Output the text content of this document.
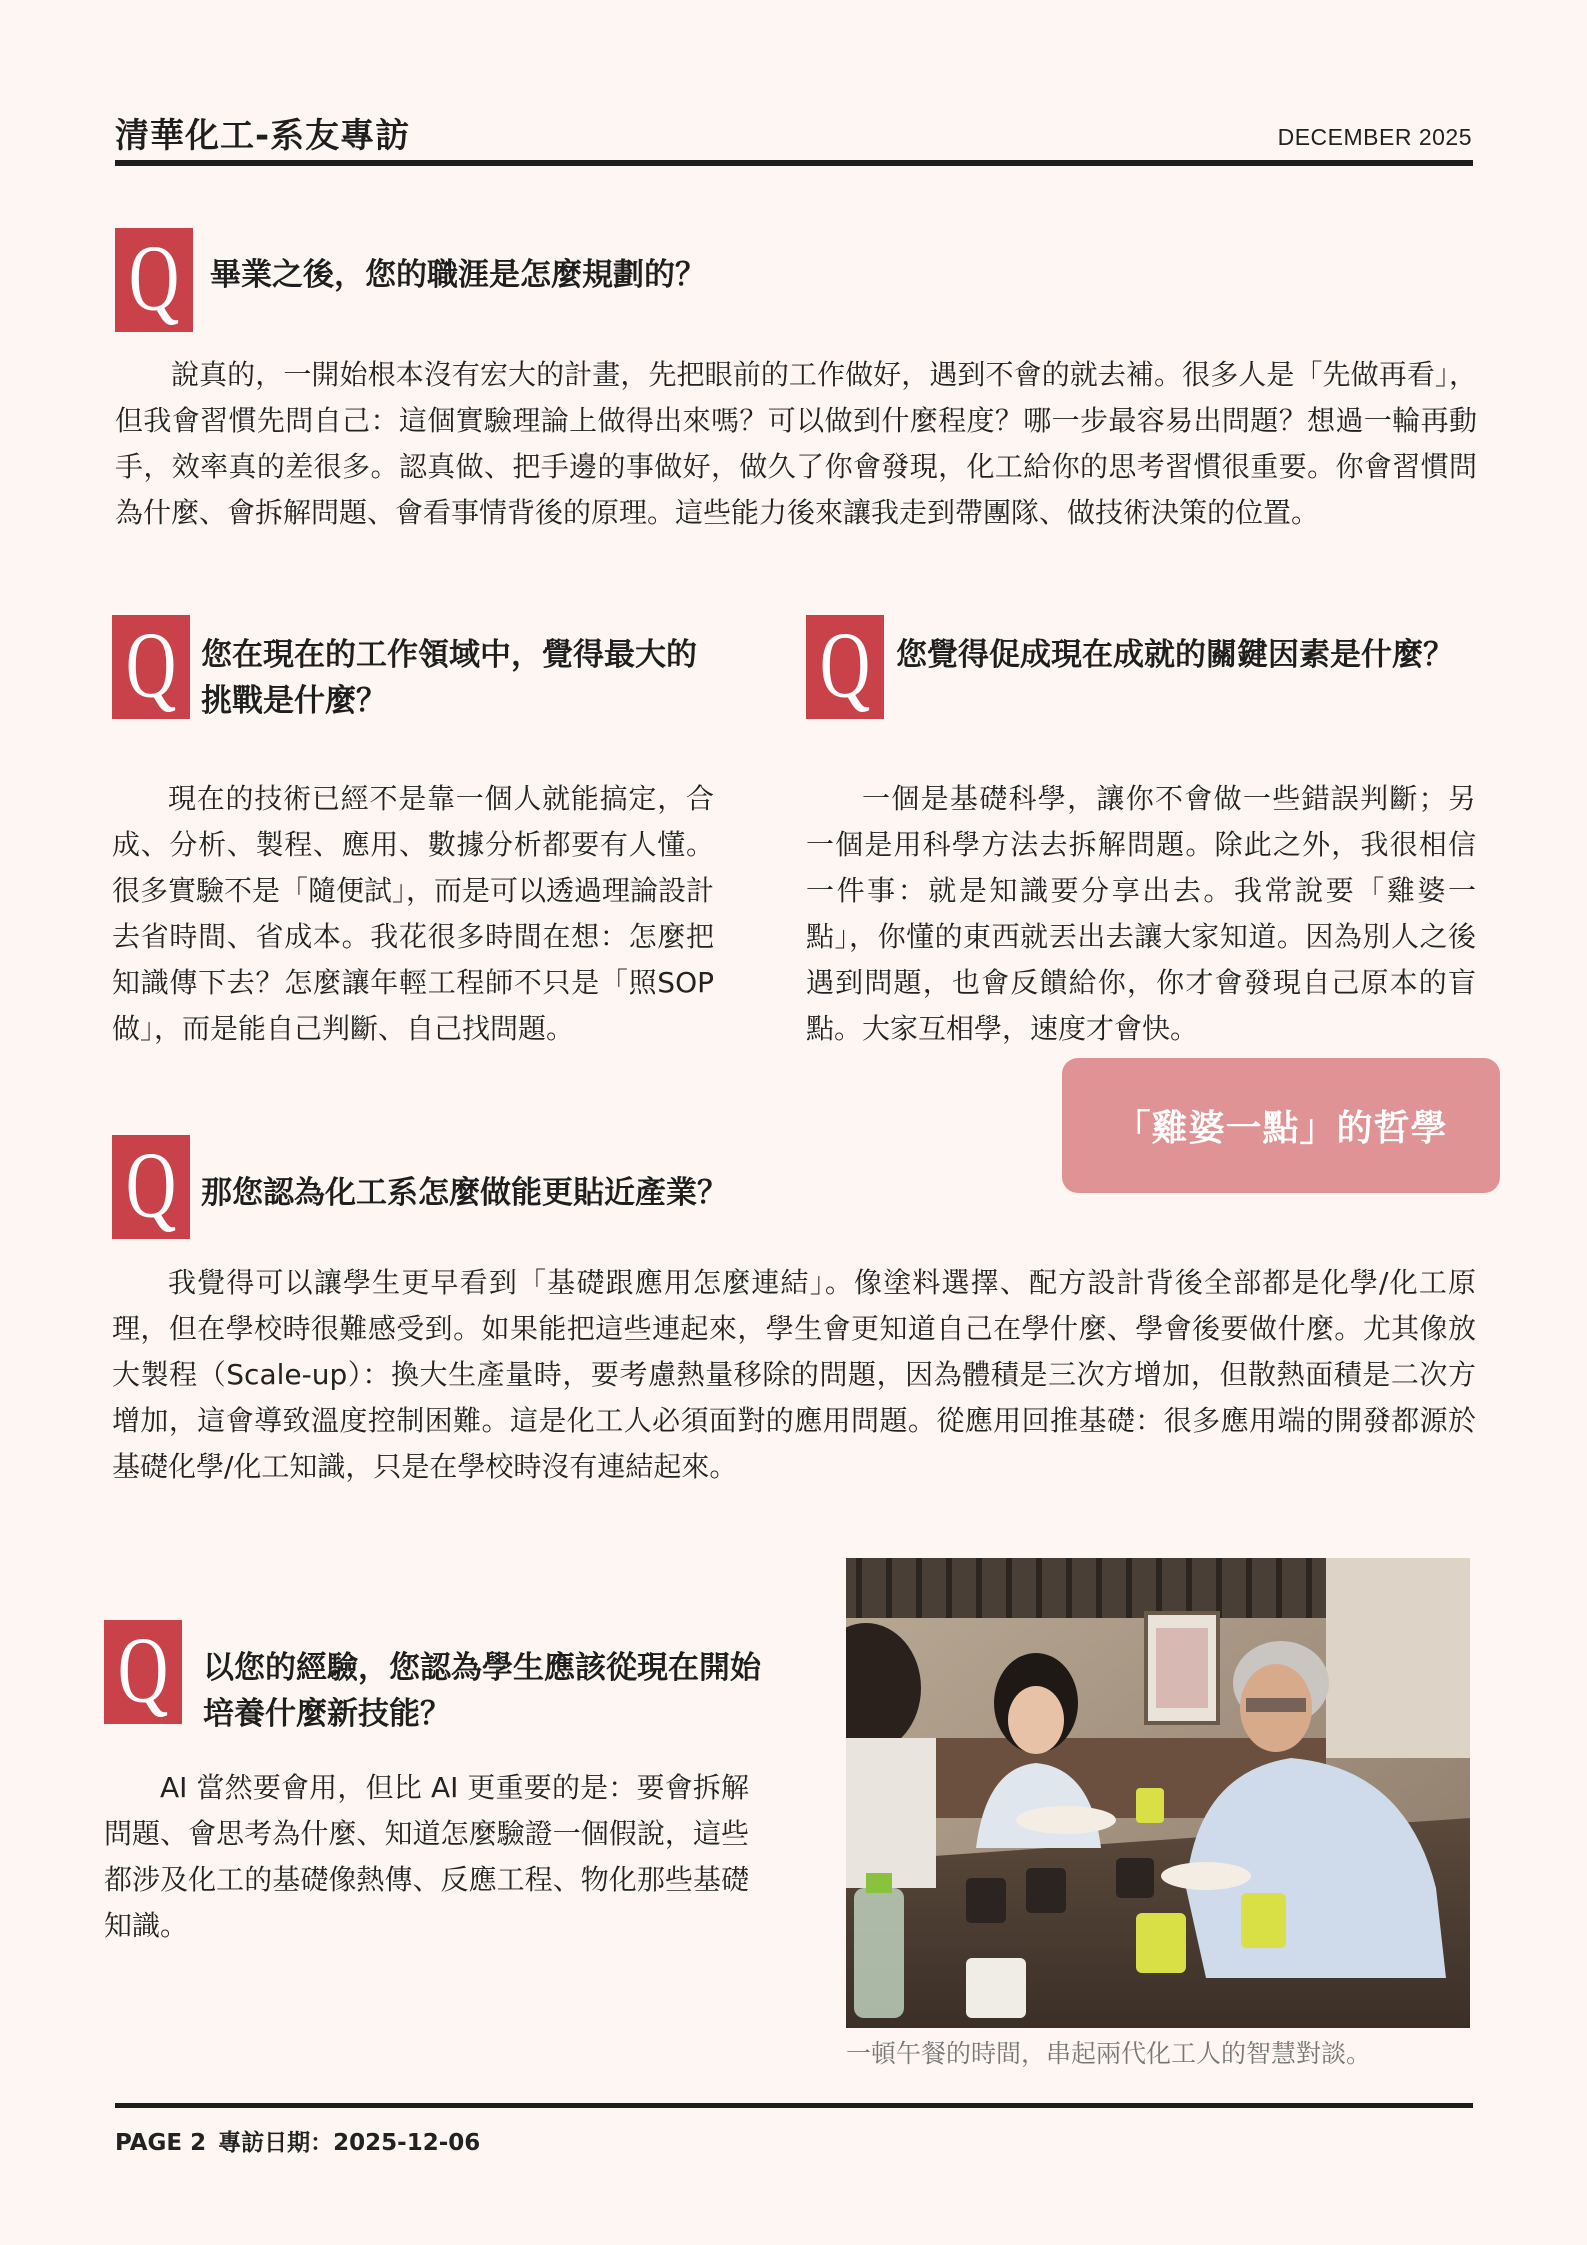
清華化工-系友專訪	DECEMBER 2025
Q 畢業之後，您的職涯是怎麼規劃的？
說真的，一開始根本沒有宏大的計畫，先把眼前的工作做好，遇到不會的就去補。很多人是「先做再看」，但我會習慣先問自己：這個實驗理論上做得出來嗎？可以做到什麼程度？哪一步最容易出問題？想過一輪再動手，效率真的差很多。認真做、把手邊的事做好，做久了你會發現，化工給你的思考習慣很重要。你會習慣問為什麼、會拆解問題、會看事情背後的原理。這些能力後來讓我走到帶團隊、做技術決策的位置。
Q 您在現在的工作領域中，覺得最大的
挑戰是什麼？
現在的技術已經不是靠一個人就能搞定，合成、分析、製程、應用、數據分析都要有人懂。很多實驗不是「隨便試」，而是可以透過理論設計去省時間、省成本。我花很多時間在想：怎麼把知識傳下去？怎麼讓年輕工程師不只是「照SOP做」，而是能自己判斷、自己找問題。
Q 您覺得促成現在成就的關鍵因素是什麼？
一個是基礎科學，讓你不會做一些錯誤判斷；另一個是用科學方法去拆解問題。除此之外，我很相信一件事：就是知識要分享出去。我常說要「雞婆一點」，你懂的東西就丟出去讓大家知道。因為別人之後遇到問題，也會反饋給你，你才會發現自己原本的盲點。大家互相學，速度才會快。
「雞婆一點」的哲學
Q 那您認為化工系怎麼做能更貼近產業？
我覺得可以讓學生更早看到「基礎跟應用怎麼連結」。像塗料選擇、配方設計背後全部都是化學/化工原理，但在學校時很難感受到。如果能把這些連起來，學生會更知道自己在學什麼、學會後要做什麼。尤其像放大製程（Scale-up）：換大生產量時，要考慮熱量移除的問題，因為體積是三次方增加，但散熱面積是二次方增加，這會導致溫度控制困難。這是化工人必須面對的應用問題。從應用回推基礎：很多應用端的開發都源於基礎化學/化工知識，只是在學校時沒有連結起來。
Q 以您的經驗，您認為學生應該從現在開始
培養什麼新技能？
AI 當然要會用，但比 AI 更重要的是：要會拆解問題、會思考為什麼、知道怎麼驗證一個假說，這些都涉及化工的基礎像熱傳、反應工程、物化那些基礎知識。
一頓午餐的時間，串起兩代化工人的智慧對談。
PAGE 2 專訪日期：2025-12-06
